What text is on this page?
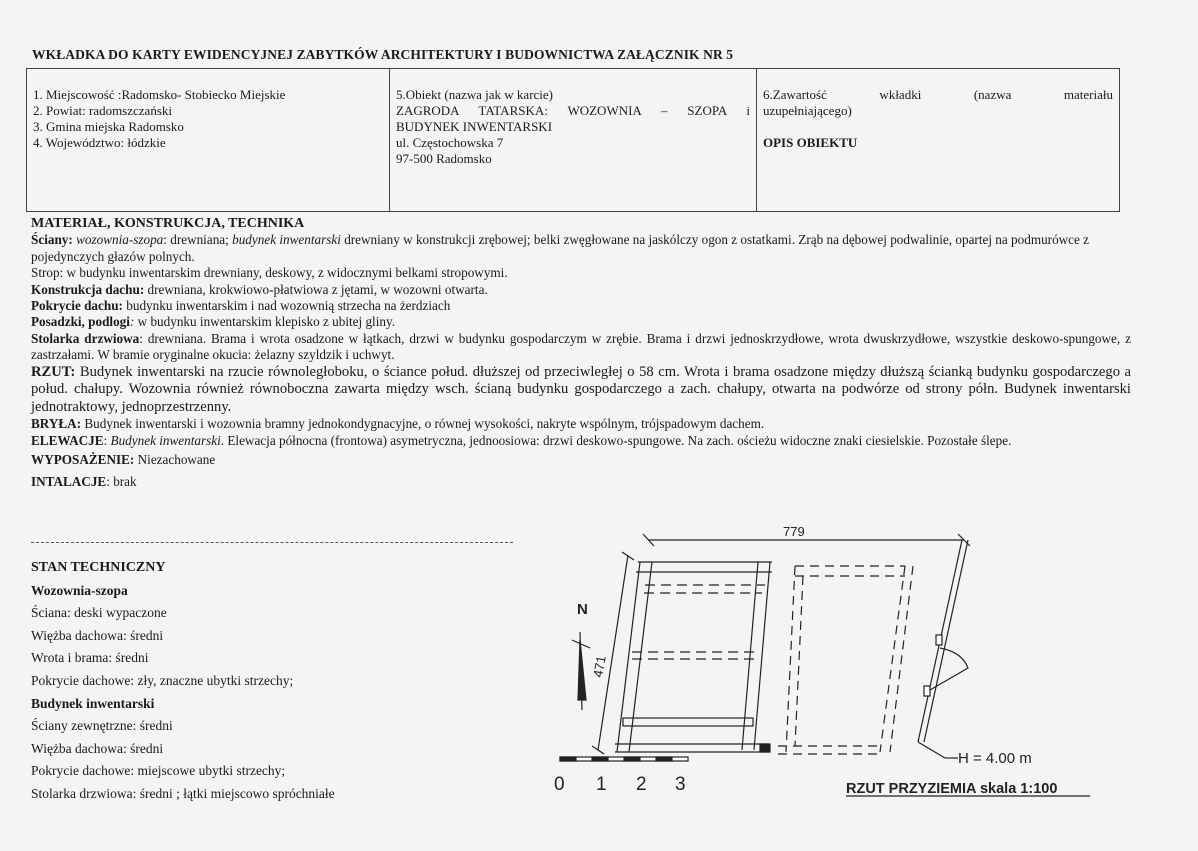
WKŁADKA DO KARTY EWIDENCYJNEJ ZABYTKÓW ARCHITEKTURY I BUDOWNICTWA ZAŁĄCZNIK NR 5
1. Miejscowość :Radomsko- Stobiecko Miejskie
2. Powiat: radomszczański
3. Gmina miejska Radomsko
4. Województwo: łódzkie
5.Obiekt (nazwa jak w karcie)
ZAGRODA TATARSKA: WOZOWNIA – SZOPA i
BUDYNEK INWENTARSKI
ul. Częstochowska 7
97-500 Radomsko
6.Zawartość wkładki (nazwa materiału
uzupełniającego)
OPIS OBIEKTU
MATERIAŁ, KONSTRUKCJA, TECHNIKA
Ściany: wozownia-szopa: drewniana; budynek inwentarski drewniany w konstrukcji zrębowej; belki zwęgłowane na jaskólczy ogon z ostatkami. Zrąb na dębowej podwalinie, opartej na podmurówce z pojedynczych głazów polnych.
Strop: w budynku inwentarskim drewniany, deskowy, z widocznymi belkami stropowymi.
Konstrukcja dachu: drewniana, krokwiowo-płatwiowa z jętami, w wozowni otwarta.
Pokrycie dachu: budynku inwentarskim i nad wozownią strzecha na żerdziach
Posadzki, podlogi: w budynku inwentarskim klepisko z ubitej gliny.
Stolarka drzwiowa: drewniana. Brama i wrota osadzone w łątkach, drzwi w budynku gospodarczym w zrębie. Brama i drzwi jednoskrzydłowe, wrota dwuskrzydłowe, wszystkie deskowo-spungowe, z zastrzałami. W bramie oryginalne okucia: żelazny szyldzik i uchwyt.
RZUT: Budynek inwentarski na rzucie równoległoboku, o ściance połud. dłuższej od przeciwległej o 58 cm. Wrota i brama osadzone między dłuższą ścianką budynku gospodarczego a połud. chałupy. Wozownia również równoboczna zawarta między wsch. ścianą budynku gospodarczego a zach. chałupy, otwarta na podwórze od strony półn. Budynek inwentarski jednotraktowy, jednoprzestrzenny.
BRYŁA: Budynek inwentarski i wozownia bramny jednokondygnacyjne, o równej wysokości, nakryte wspólnym, trójspadowym dachem.
ELEWACJE: Budynek inwentarski. Elewacja północna (frontowa) asymetryczna, jednoosiowa: drzwi deskowo-spungowe. Na zach. ościeżu widoczne znaki ciesielskie. Pozostałe ślepe.
WYPOSAŻENIE: Niezachowane
INTALACJE: brak
STAN TECHNICZNY
Wozownia-szopa
Ściana: deski wypaczone
Więżba dachowa: średni
Wrota i brama: średni
Pokrycie dachowe: zły, znaczne ubytki strzechy;
Budynek inwentarski
Ściany zewnętrzne: średni
Więżba dachowa: średni
Pokrycie dachowe: miejscowe ubytki strzechy;
Stolarka drzwiowa: średni ; łątki miejscowo spróchniałe
779
471
N
H = 4.00 m
0 1 2 3	RZUT PRZYZIEMIA skala 1:100
